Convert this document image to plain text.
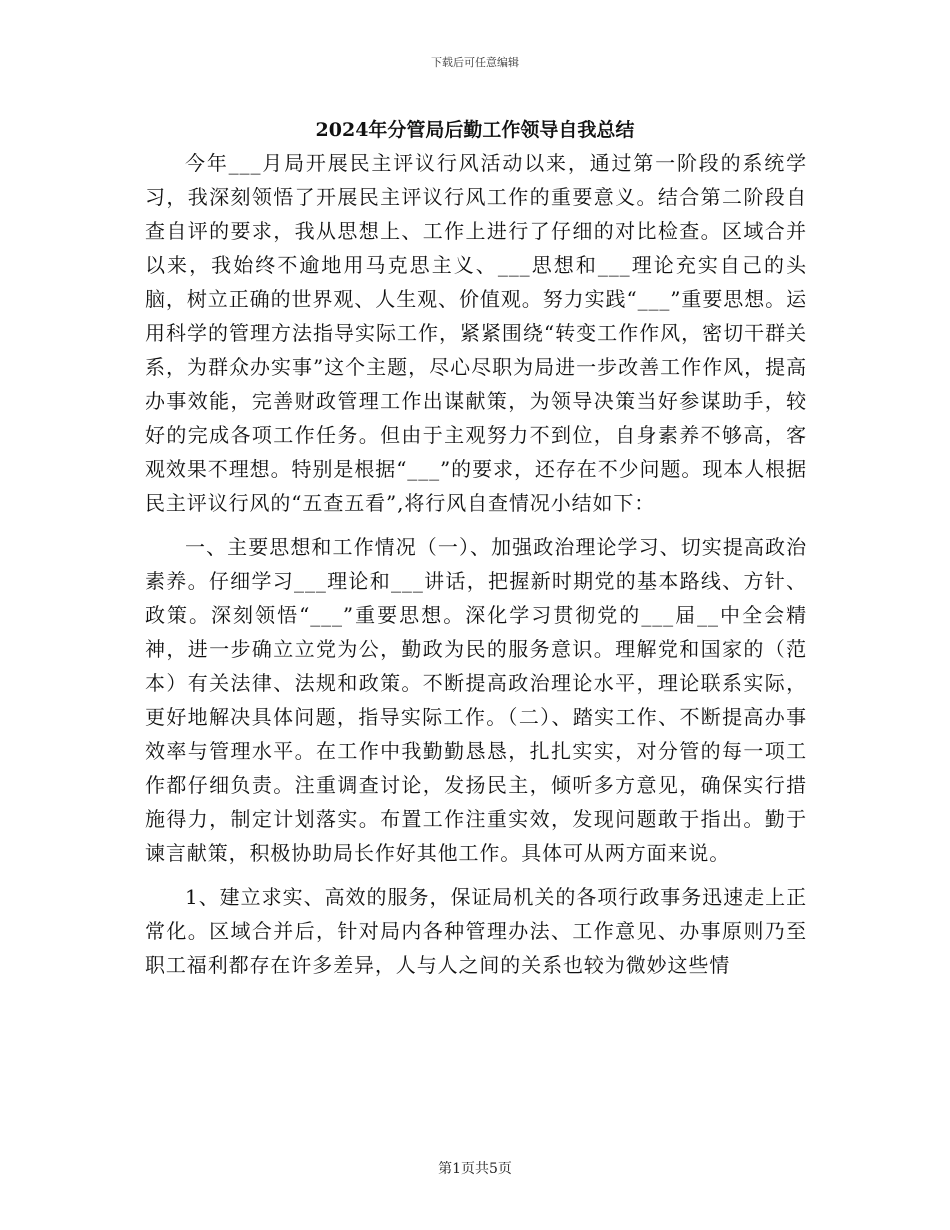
下载后可任意编辑
2024年分管局后勤工作领导自我总结

今年___月局开展民主评议行风活动以来，通过第一阶段的系统学习，我深刻领悟了开展民主评议行风工作的重要意义。结合第二阶段自查自评的要求，我从思想上、工作上进行了仔细的对比检查。区域合并以来，我始终不逾地用马克思主义、___思想和___理论充实自己的头脑，树立正确的世界观、人生观、价值观。努力实践“___”重要思想。运用科学的管理方法指导实际工作，紧紧围绕“转变工作作风，密切干群关系，为群众办实事”这个主题，尽心尽职为局进一步改善工作作风，提高办事效能，完善财政管理工作出谋献策，为领导决策当好参谋助手，较好的完成各项工作任务。但由于主观努力不到位，自身素养不够高，客观效果不理想。特别是根据“___”的要求，还存在不少问题。现本人根据民主评议行风的“五查五看”,将行风自查情况小结如下：

一、主要思想和工作情况（一）、加强政治理论学习、切实提高政治素养。仔细学习___理论和___讲话，把握新时期党的基本路线、方针、政策。深刻领悟“___”重要思想。深化学习贯彻党的___届__中全会精神，进一步确立立党为公，勤政为民的服务意识。理解党和国家的（范本）有关法律、法规和政策。不断提高政治理论水平，理论联系实际，更好地解决具体问题，指导实际工作。（二）、踏实工作、不断提高办事效率与管理水平。在工作中我勤勤恳恳，扎扎实实，对分管的每一项工作都仔细负责。注重调查讨论，发扬民主，倾听多方意见，确保实行措施得力，制定计划落实。布置工作注重实效，发现问题敢于指出。勤于谏言献策，积极协助局长作好其他工作。具体可从两方面来说。

1、建立求实、高效的服务，保证局机关的各项行政事务迅速走上正常化。区域合并后，针对局内各种管理办法、工作意见、办事原则乃至职工福利都存在许多差异，人与人之间的关系也较为微妙这些情

第1页共5页
